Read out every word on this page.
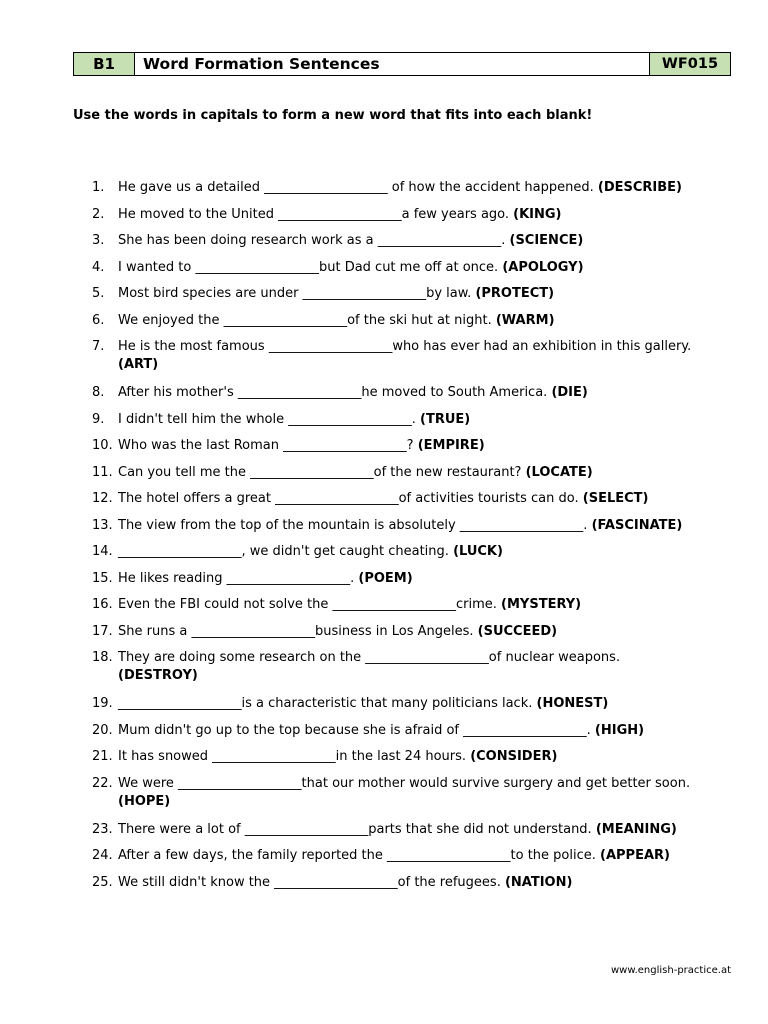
B1	Word Formation Sentences	WF015
Use the words in capitals to form a new word that fits into each blank!
1. He gave us a detailed ___________________ of how the accident happened. (DESCRIBE)
2. He moved to the United ___________________a few years ago. (KING)
3. She has been doing research work as a ___________________. (SCIENCE)
4. I wanted to ___________________but Dad cut me off at once. (APOLOGY)
5. Most bird species are under ___________________by law. (PROTECT)
6. We enjoyed the ___________________of the ski hut at night. (WARM)
7. He is the most famous ___________________who has ever had an exhibition in this gallery.
(ART)
8. After his mother's ___________________he moved to South America. (DIE)
9. I didn't tell him the whole ___________________. (TRUE)
10. Who was the last Roman ___________________? (EMPIRE)
11. Can you tell me the ___________________of the new restaurant? (LOCATE)
12. The hotel offers a great ___________________of activities tourists can do. (SELECT)
13. The view from the top of the mountain is absolutely ___________________. (FASCINATE)
14. ___________________, we didn't get caught cheating. (LUCK)
15. He likes reading ___________________. (POEM)
16. Even the FBI could not solve the ___________________crime. (MYSTERY)
17. She runs a ___________________business in Los Angeles. (SUCCEED)
18. They are doing some research on the ___________________of nuclear weapons.
(DESTROY)
19. ___________________is a characteristic that many politicians lack. (HONEST)
20. Mum didn't go up to the top because she is afraid of ___________________. (HIGH)
21. It has snowed ___________________in the last 24 hours. (CONSIDER)
22. We were ___________________that our mother would survive surgery and get better soon.
(HOPE)
23. There were a lot of ___________________parts that she did not understand. (MEANING)
24. After a few days, the family reported the ___________________to the police. (APPEAR)
25. We still didn't know the ___________________of the refugees. (NATION)
www.english-practice.at
